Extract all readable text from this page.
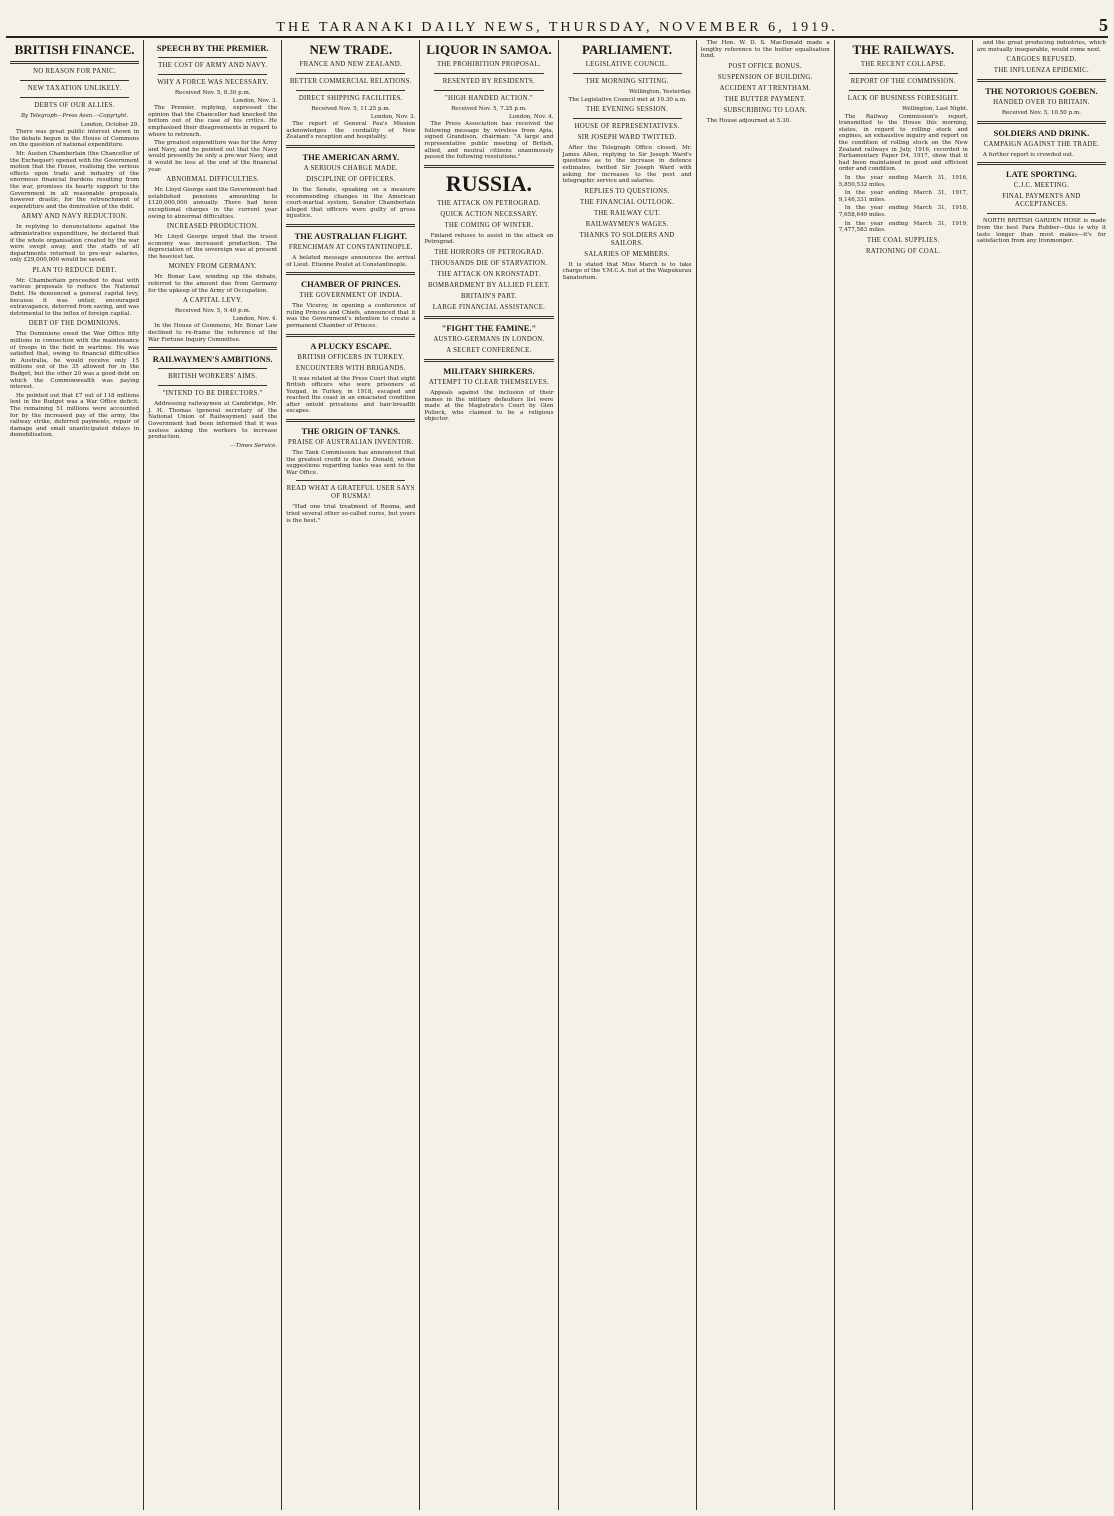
THE TARANAKI DAILY NEWS, THURSDAY, NOVEMBER 6, 1919.	5
BRITISH FINANCE.
NO REASON FOR PANIC.
NEW TAXATION UNLIKELY.
DEBTS OF OUR ALLIES.
By Telegraph—Press Assn.—Copyright.
London, October 29.

There was great public interest shown in the debate begun in the House of Commons on the question of national expenditure.

Mr. Austen Chamberlain (the Chancellor of the Exchequer) opened with the Government motion that the House, realising the serious effects upon trade and industry of the enormous financial burdens resulting from the war, promises its hearty support to the Government in all reasonable proposals, however drastic, for the retrenchment of expenditure and the diminution of the debt.

ARMY AND NAVY REDUCTION.

In replying to denunciations against the administrative expenditure, he declared that if the whole organisation created by the war were swept away, and the staffs of all departments returned to pre-war salaries, only £29,000,000 would be saved.

PLAN TO REDUCE DEBT.

Mr. Chamberlain proceeded to deal with various proposals to reduce the National Debt. He denounced a general capital levy, because it was unfair, encouraged extravagance, deterred from saving, and was detrimental to the influx of foreign capital.

DEBT OF THE DOMINIONS.

The Dominions owed the War Office fifty millions in connection with the maintenance of troops in the field in wartime. He was satisfied that, owing to financial difficulties in Australia, he would receive only 15 millions out of the 35 allowed for in the Budget, but the other 20 was a good debt on which the Commonwealth was paying interest.

He pointed out that £7 out of 118 millions lent in the Budget was a War Office deficit. The remaining 51 millions were accounted for by the increased pay of the army, the railway strike, deferred payments, repair of damage and small unanticipated delays in demobilisation.

SPEECH BY THE PREMIER.
THE COST OF ARMY AND NAVY.
WHY A FORCE WAS NECESSARY.
Received Nov. 5, 8.30 p.m.
London, Nov. 3.

The Premier, replying, expressed the opinion that the Chancellor had knocked the bottom out of the case of his critics. He emphasised their disagreements in regard to where to retrench.

The greatest expenditure was for the Army and Navy, and he pointed out that the Navy would presently be only a pre-war Navy, and it would be less at the end of the financial year.

ABNORMAL DIFFICULTIES.

Mr. Lloyd George said the Government had established pensions amounting to £120,000,000 annually. There had been exceptional charges in the current year owing to abnormal difficulties.

INCREASED PRODUCTION.

Mr. Lloyd George urged that the truest economy was increased production. The depreciation of the sovereign was at present the heaviest tax.

MONEY FROM GERMANY.

Mr. Bonar Law, winding up the debate, referred to the amount due from Germany for the upkeep of the Army of Occupation.

A CAPITAL LEVY.
Received Nov. 5, 9.40 p.m.
London, Nov. 4.

In the House of Commons, Mr. Bonar Law declined to re-frame the reference of the War Fortune Inquiry Committee.

RAILWAYMEN'S AMBITIONS.
BRITISH WORKERS' AIMS.
"INTEND TO BE DIRECTORS."

Addressing railwaymen at Cambridge, Mr. J. H. Thomas (general secretary of the National Union of Railwaymen) said the Government had been informed that it was useless asking the workers to increase production.

—Times Service.
NEW TRADE.
FRANCE AND NEW ZEALAND.
BETTER COMMERCIAL RELATIONS.
DIRECT SHIPPING FACILITIES.
Received Nov. 5, 11.25 p.m.
London, Nov. 3.

The report of General Pau's Mission acknowledges the cordiality of New Zealand's reception and hospitality.

THE AMERICAN ARMY.
A SERIOUS CHARGE MADE.
DISCIPLINE OF OFFICERS.

In the Senate, speaking on a measure recommending changes in the American court-martial system, Senator Chamberlain alleged that officers were guilty of gross injustice.

THE AUSTRALIAN FLIGHT.
FRENCHMAN AT CONSTANTINOPLE.

A belated message announces the arrival of Lieut. Etienne Poulet at Constantinople.

CHAMBER OF PRINCES.
THE GOVERNMENT OF INDIA.

The Viceroy, in opening a conference of ruling Princes and Chiefs, announced that it was the Government's intention to create a permanent Chamber of Princes.

A PLUCKY ESCAPE.
BRITISH OFFICERS IN TURKEY.
ENCOUNTERS WITH BRIGANDS.

It was related at the Press Court that eight British officers who were prisoners at Yozgad, in Turkey, in 1918, escaped and reached the coast in an emaciated condition after untold privations and hair-breadth escapes.

THE ORIGIN OF TANKS.
PRAISE OF AUSTRALIAN INVENTOR.

The Tank Commission has announced that the greatest credit is due to Donald, whose suggestions regarding tanks was sent to the War Office.

READ WHAT A GRATEFUL USER SAYS OF RUSMA!

"Had one trial treatment of Rusma, and tried several other so-called cures, but yours is the best."

LIQUOR IN SAMOA.
THE PROHIBITION PROPOSAL.
RESENTED BY RESIDENTS.
"HIGH HANDED ACTION."
Received Nov. 5, 7.25 p.m.
London, Nov. 4.

The Press Association has received the following message by wireless from Apia, signed Grandison, chairman: "A large and representative public meeting of British, allied, and neutral citizens unanimously passed the following resolutions."

RUSSIA.
THE ATTACK ON PETROGRAD.
QUICK ACTION NECESSARY.
THE COMING OF WINTER.

Finland refuses to assist in the attack on Petrograd.

THE HORRORS OF PETROGRAD.
THOUSANDS DIE OF STARVATION.
THE ATTACK ON KRONSTADT.
BOMBARDMENT BY ALLIED FLEET.
BRITAIN'S PART.
LARGE FINANCIAL ASSISTANCE.
"FIGHT THE FAMINE."
AUSTRO-GERMANS IN LONDON.
A SECRET CONFERENCE.
MILITARY SHIRKERS.
ATTEMPT TO CLEAR THEMSELVES.

Appeals against the inclusion of their names in the military defaulters list were made at the Magistrate's Court by Glen Pollock, who claimed to be a religious objector.

PARLIAMENT.
LEGISLATIVE COUNCIL.
THE MORNING SITTING.
Wellington, Yesterday.

The Legislative Council met at 10.30 a.m.

THE EVENING SESSION.
HOUSE OF REPRESENTATIVES.
SIR JOSEPH WARD TWITTED.

After the Telegraph Office closed, Mr. James Allen, replying to Sir Joseph Ward's questions as to the increase in defence estimates, twitted Sir Joseph Ward with asking for increases to the post and telegraphic service and salaries.

REPLIES TO QUESTIONS.
THE FINANCIAL OUTLOOK.
THE RAILWAY CUT.
RAILWAYMEN'S WAGES.
THANKS TO SOLDIERS AND SAILORS.
SALARIES OF MEMBERS.

It is stated that Miss March is to take charge of the Y.M.C.A. hut at the Waipukurau Sanatorium.

The Hon. W. D. S. MacDonald made a lengthy reference to the butter equalisation fund.

POST OFFICE BONUS.
SUSPENSION OF BUILDING.
ACCIDENT AT TRENTHAM.
THE BUTTER PAYMENT.
SUBSCRIBING TO LOAN.

The House adjourned at 5.30.

THE RAILWAYS.
THE RECENT COLLAPSE.
REPORT OF THE COMMISSION.
LACK OF BUSINESS FORESIGHT.
Wellington, Last Night.

The Railway Commission's report, transmitted to the House this morning, states, in regard to rolling stock and engines, an exhaustive inquiry and report on the condition of rolling stock on the New Zealand railways in July, 1916, recorded in Parliamentary Paper D4, 1917, show that it had been maintained in good and efficient order and condition.

In the year ending March 31, 1916, 5,850,532 miles.

In the year ending March 31, 1917, 9,146,331 miles.

In the year ending March 31, 1918, 7,658,649 miles.

In the year ending March 31, 1919, 7,477,583 miles.

THE COAL SUPPLIES.
RATIONING OF COAL.

and the great producing industries, which are mutually inseparable, would come next.

CARGOES REFUSED.
THE INFLUENZA EPIDEMIC.
THE NOTORIOUS GOEBEN.
HANDED OVER TO BRITAIN.
Received Nov. 5, 10.50 p.m.
SOLDIERS AND DRINK.
CAMPAIGN AGAINST THE TRADE.

A further report is crowded out.

LATE SPORTING.
C.J.C. MEETING.
FINAL PAYMENTS AND ACCEPTANCES.

NORTH BRITISH GARDEN HOSE is made from the best Para Rubber—this is why it lasts longer than most makes—it's for satisfaction from any Ironmonger.
